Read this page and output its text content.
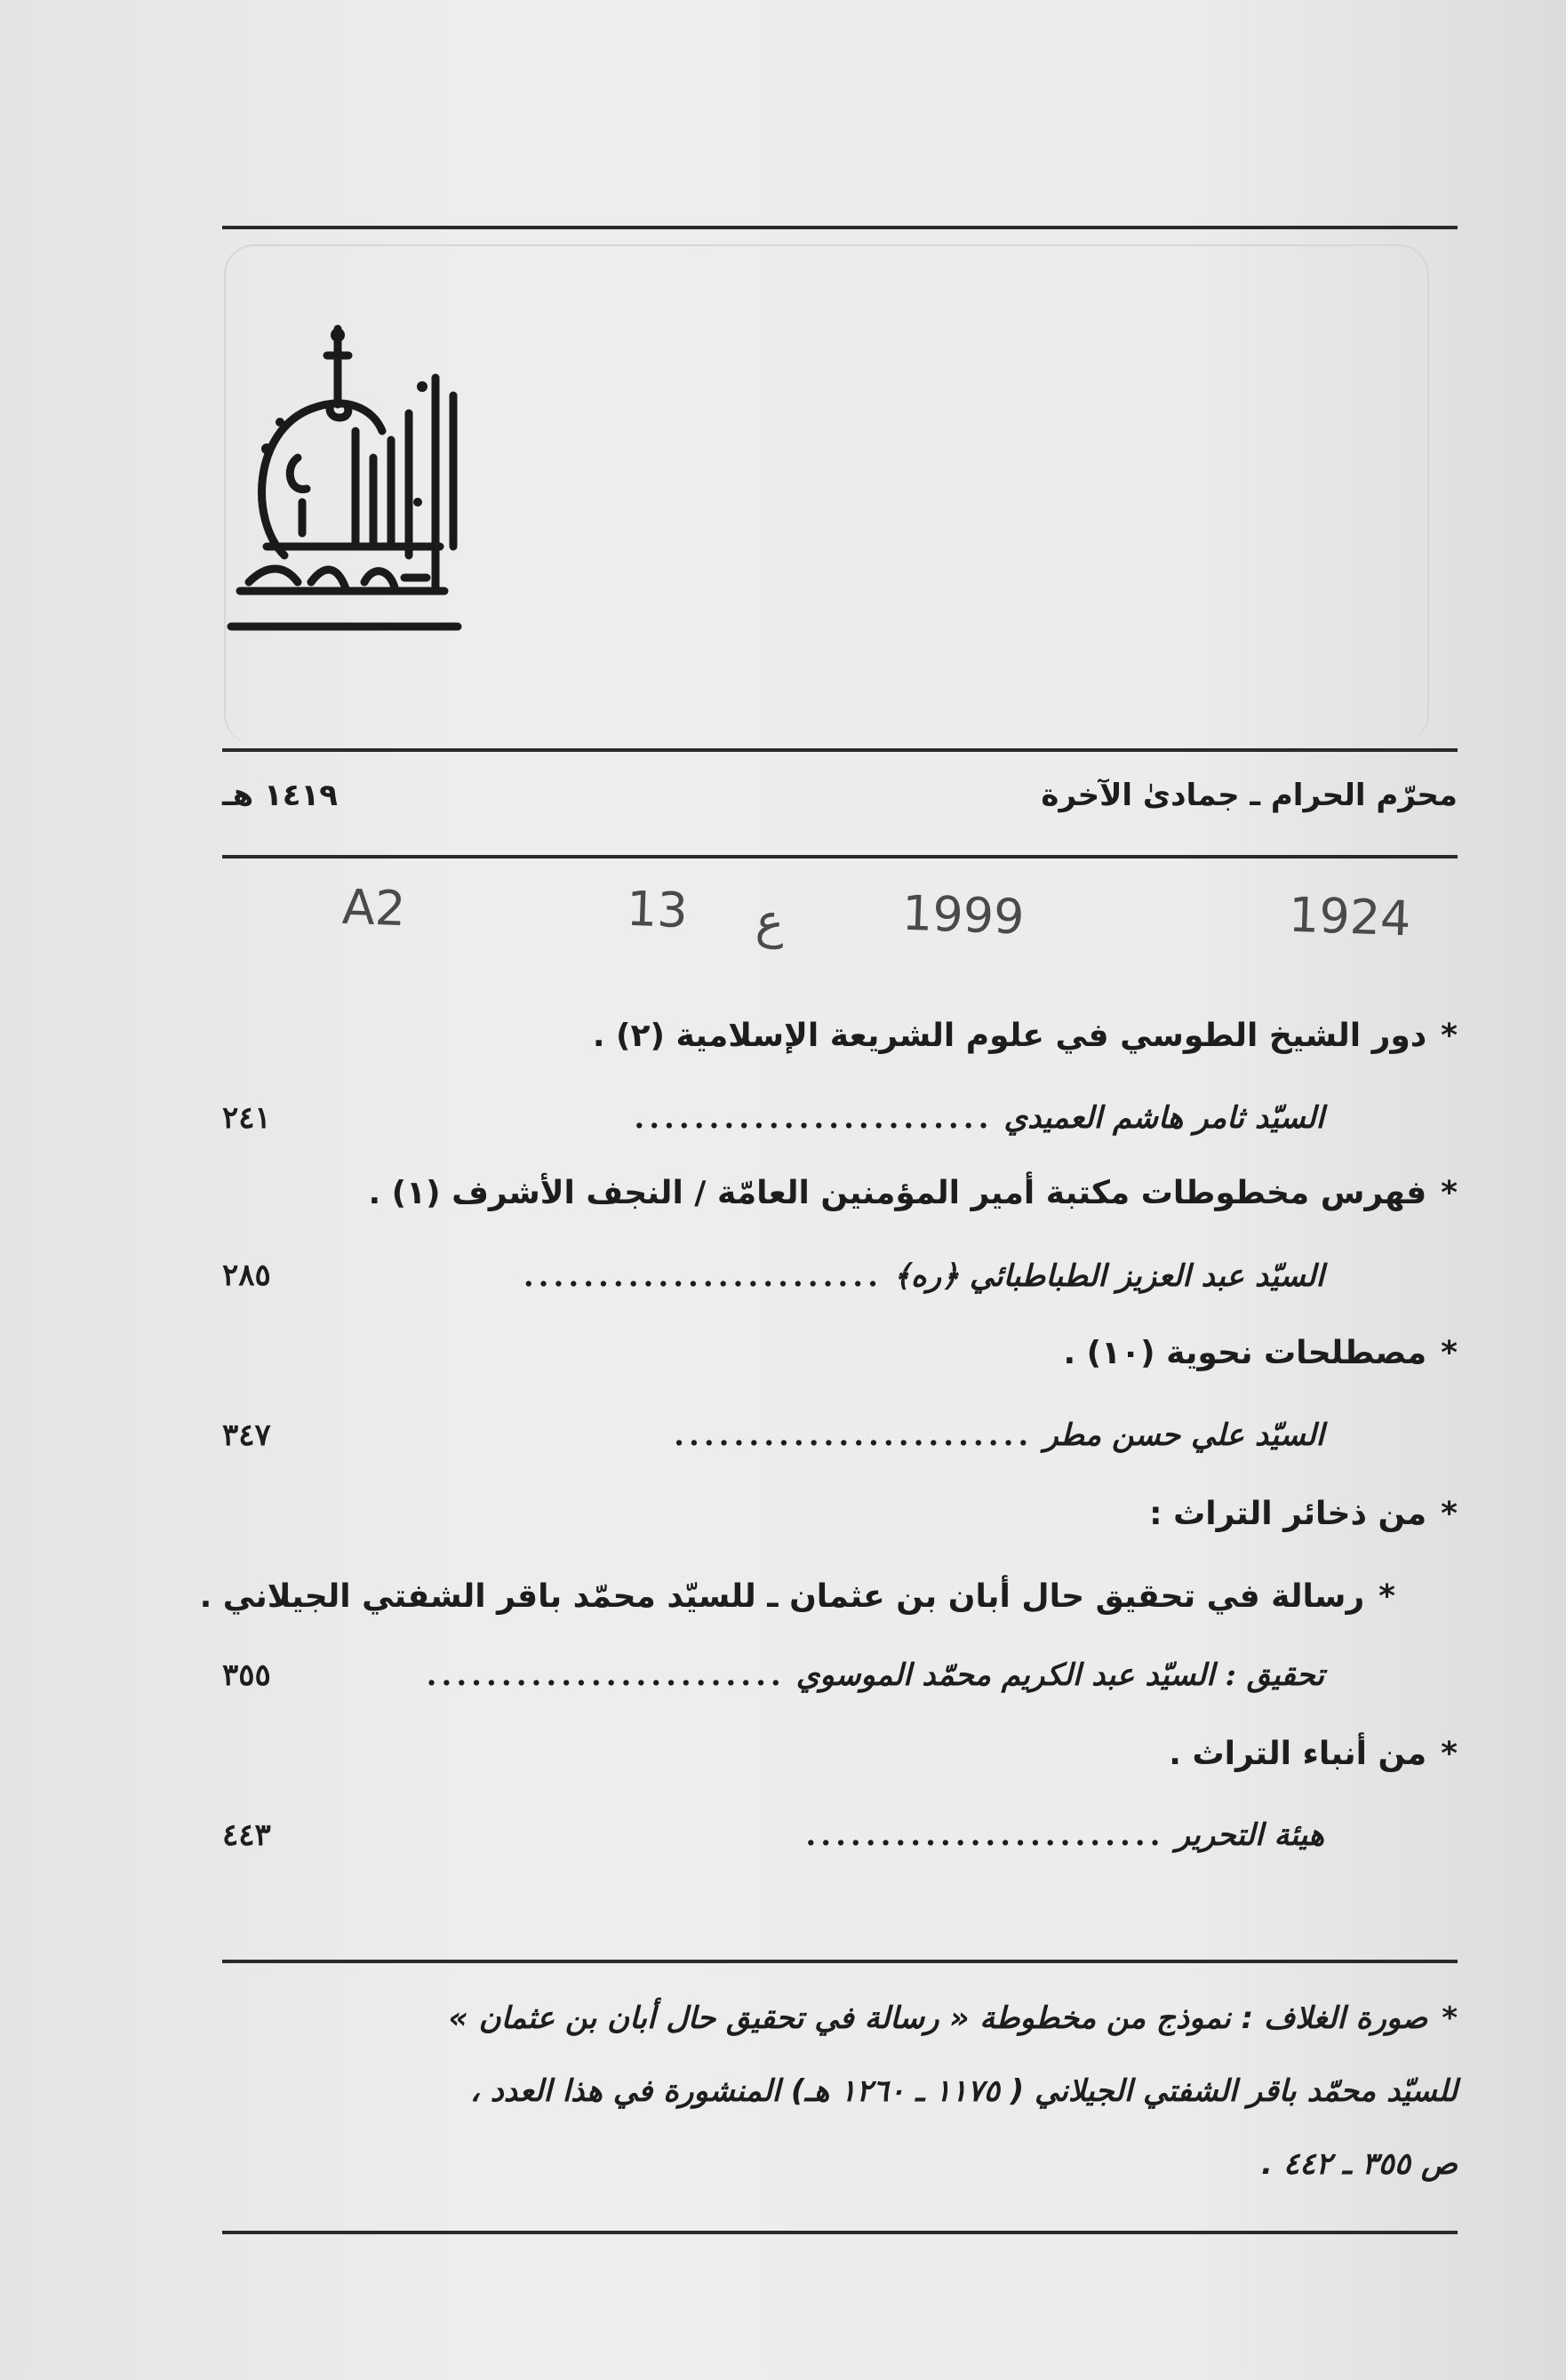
محرّم الحرام ـ جمادىٰ الآخرة
١٤١٩ هـ
A2	13 ع 1999	1924
*دور الشيخ الطوسي في علوم الشريعة الإسلامية (٢) .
السيّد ثامر هاشم العميدي........................
٢٤١
*فهرس مخطوطات مكتبة أمير المؤمنين العامّة / النجف الأشرف (١) .
السيّد عبد العزيز الطباطبائي ﴿ره﴾........................
٢٨٥
*مصطلحات نحوية (١٠) .
السيّد علي حسن مطر........................
٣٤٧
*من ذخائر التراث :
*رسالة في تحقيق حال أبان بن عثمان ـ للسيّد محمّد باقر الشفتي الجيلاني .
تحقيق : السيّد عبد الكريم محمّد الموسوي........................
٣٥٥
*من أنباء التراث .
هيئة التحرير........................
٤٤٣
*صورة الغلاف : نموذج من مخطوطة « رسالة في تحقيق حال أبان بن عثمان »
للسيّد محمّد باقر الشفتي الجيلاني ( ١١٧٥ ـ ١٢٦٠ هـ) المنشورة في هذا العدد ،
ص ٣٥٥ ـ ٤٤٢ .
